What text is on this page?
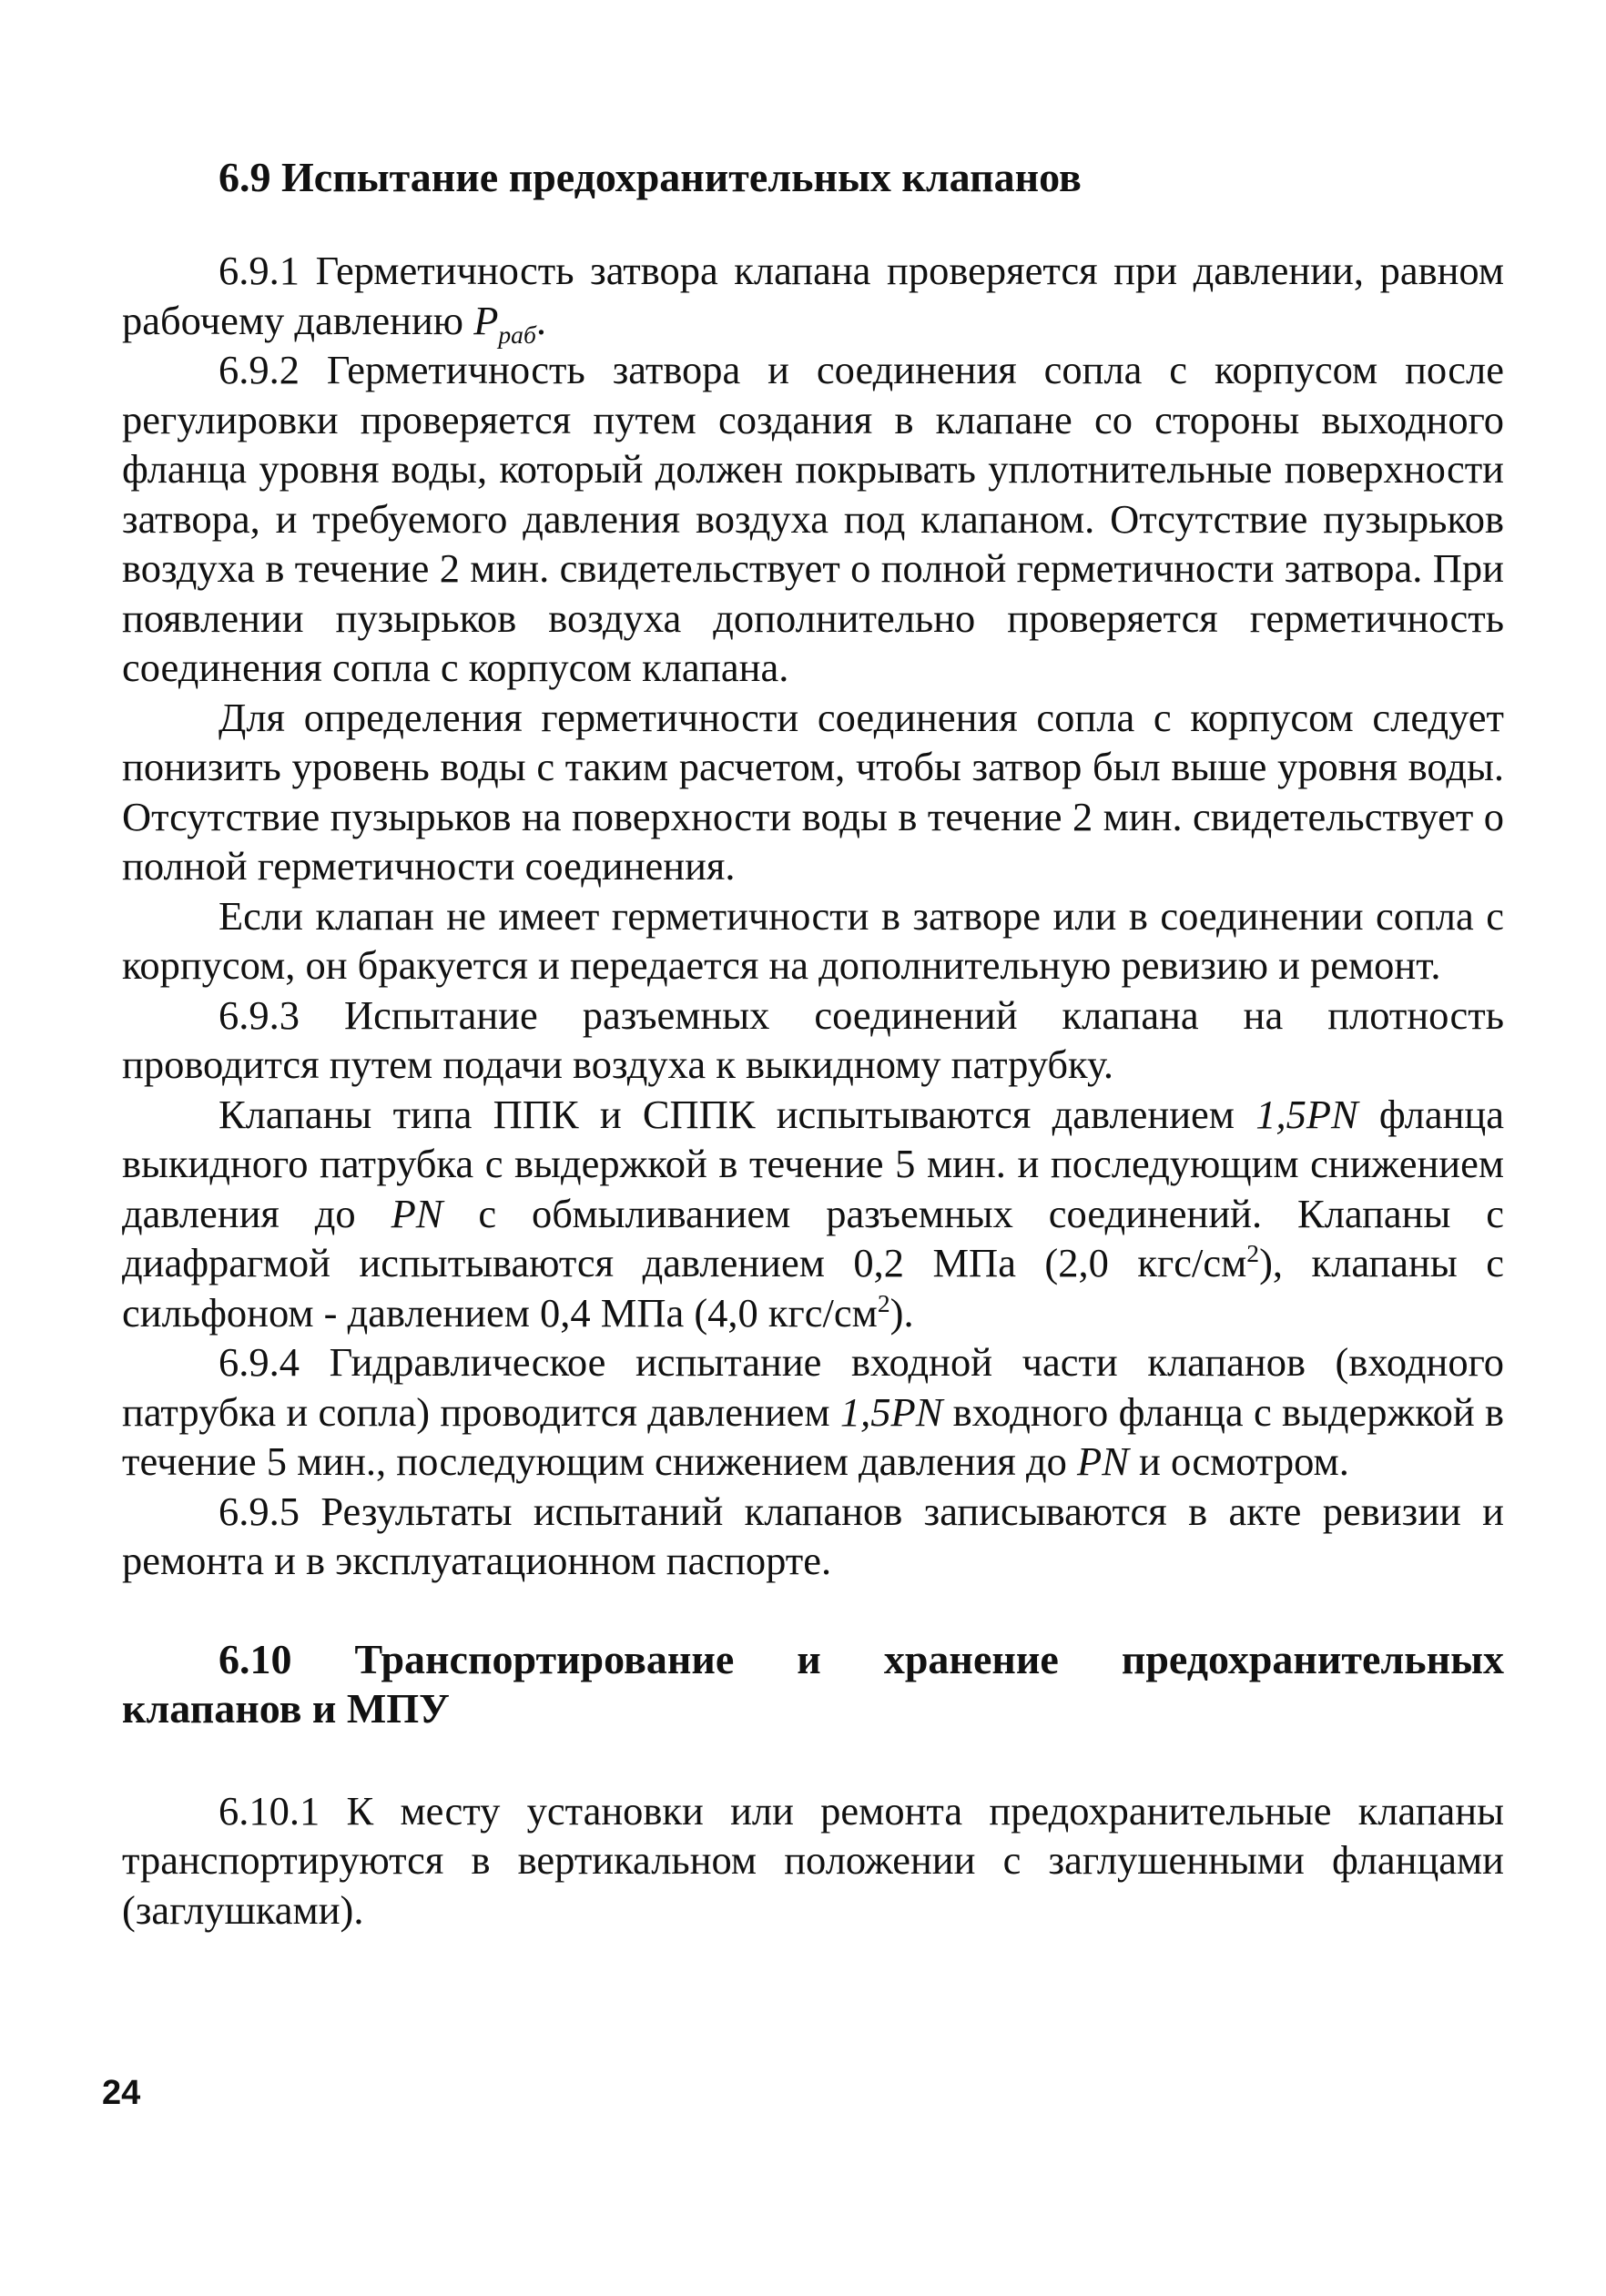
6.9 Испытание предохранительных клапанов

6.9.1 Герметичность затвора клапана проверяется при давлении, равном рабочему давлению $P_{раб}$.

6.9.2 Герметичность затвора и соединения сопла с корпусом после регулировки проверяется путем создания в клапане со стороны выходного фланца уровня воды, который должен покрывать уплотнительные поверхности затвора, и требуемого давления воздуха под клапаном. Отсутствие пузырьков воздуха в течение 2 мин. свидетельствует о полной герметичности затвора. При появлении пузырьков воздуха дополнительно проверяется герметичность соединения сопла с корпусом клапана.

Для определения герметичности соединения сопла с корпусом следует понизить уровень воды с таким расчетом, чтобы затвор был выше уровня воды. Отсутствие пузырьков на поверхности воды в течение 2 мин. свидетельствует о полной герметичности соединения.

Если клапан не имеет герметичности в затворе или в соединении сопла с корпусом, он бракуется и передается на дополнительную ревизию и ремонт.

6.9.3 Испытание разъемных соединений клапана на плотность проводится путем подачи воздуха к выкидному патрубку.

Клапаны типа ППК и СППК испытываются давлением 1,5PN фланца выкидного патрубка с выдержкой в течение 5 мин. и последующим снижением давления до PN с обмыливанием разъемных соединений. Клапаны с диафрагмой испытываются давлением 0,2 МПа (2,0 кгс/$см^2$), клапаны с сильфоном - давлением 0,4 МПа (4,0 кгс/$см^2$).

6.9.4 Гидравлическое испытание входной части клапанов (входного патрубка и сопла) проводится давлением 1,5PN входного фланца с выдержкой в течение 5 мин., последующим снижением давления до PN и осмотром.

6.9.5 Результаты испытаний клапанов записываются в акте ревизии и ремонта и в эксплуатационном паспорте.

6.10 Транспортирование и хранение предохранительных
клапанов и МПУ

6.10.1 К месту установки или ремонта предохранительные клапаны транспортируются в вертикальном положении с заглушенными фланцами (заглушками).

24
